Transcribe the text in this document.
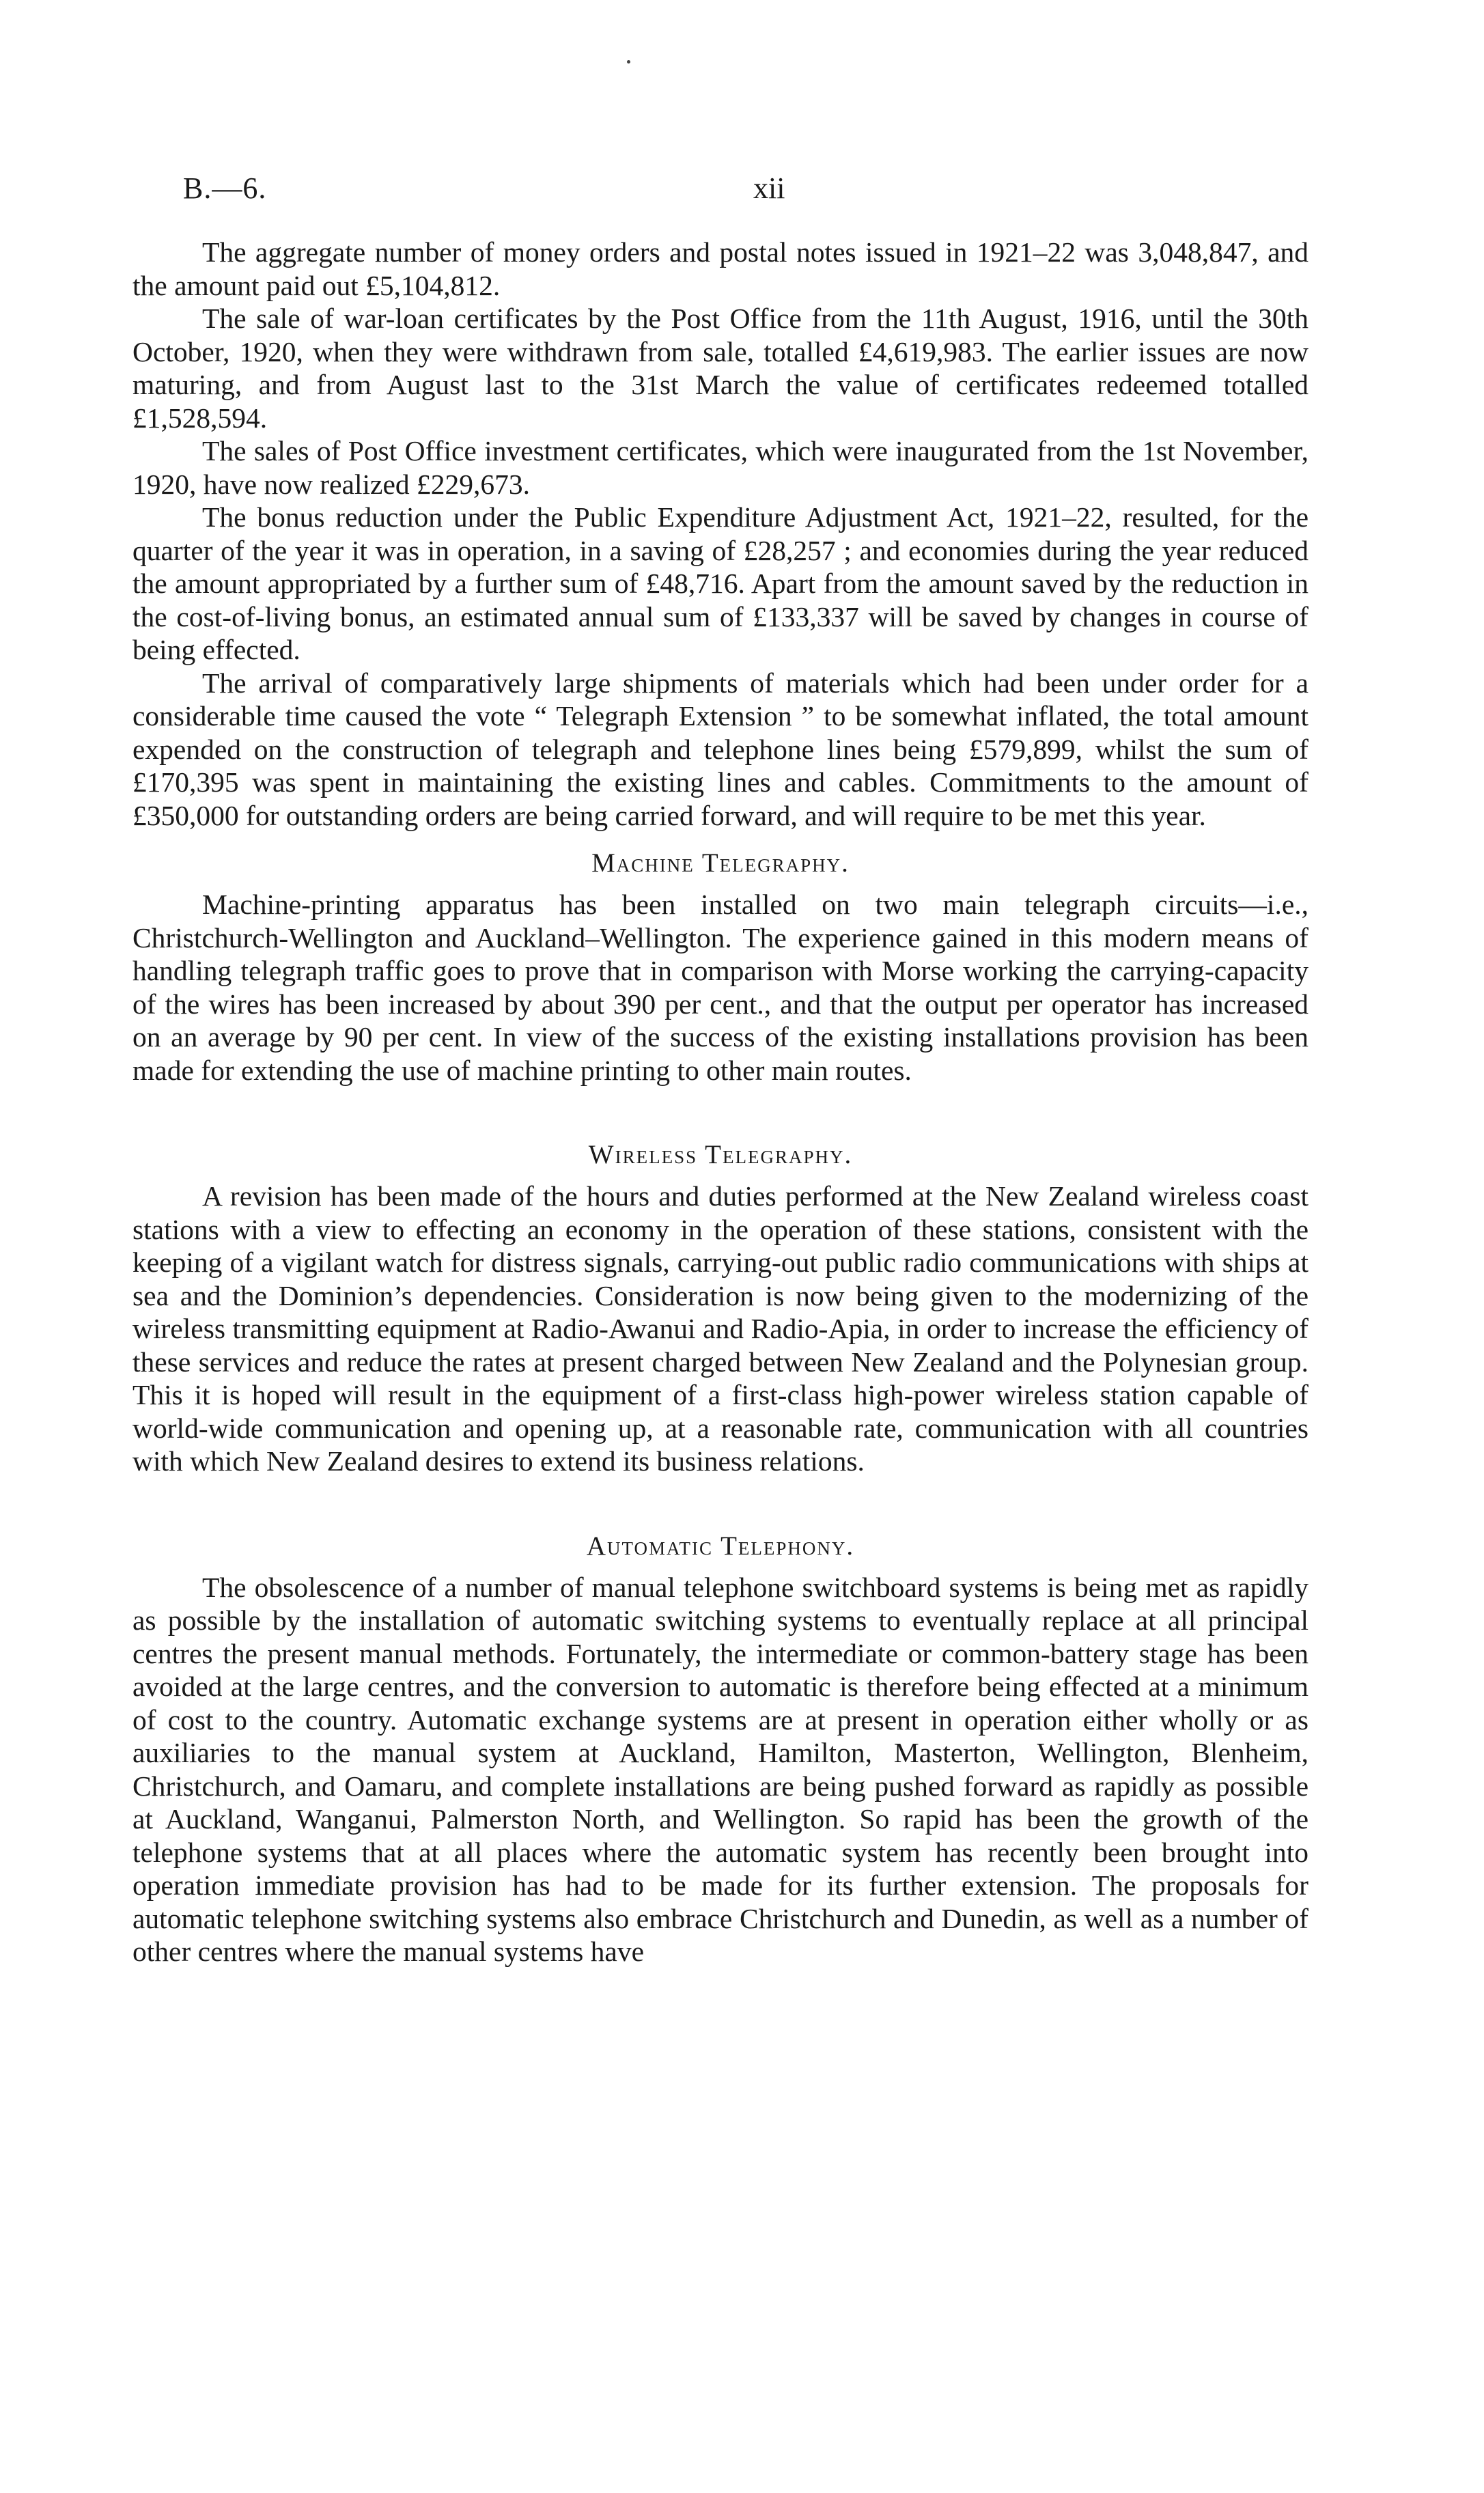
B.—6.	xii

The aggregate number of money orders and postal notes issued in 1921–22 was 3,048,847, and the amount paid out £5,104,812.

The sale of war-loan certificates by the Post Office from the 11th August, 1916, until the 30th October, 1920, when they were withdrawn from sale, totalled £4,619,983. The earlier issues are now maturing, and from August last to the 31st March the value of certificates redeemed totalled £1,528,594.

The sales of Post Office investment certificates, which were inaugurated from the 1st November, 1920, have now realized £229,673.

The bonus reduction under the Public Expenditure Adjustment Act, 1921–22, resulted, for the quarter of the year it was in operation, in a saving of £28,257 ; and economies during the year reduced the amount appropriated by a further sum of £48,716. Apart from the amount saved by the reduction in the cost-of-living bonus, an estimated annual sum of £133,337 will be saved by changes in course of being effected.

The arrival of comparatively large shipments of materials which had been under order for a considerable time caused the vote “ Telegraph Extension ” to be somewhat inflated, the total amount expended on the construction of telegraph and telephone lines being £579,899, whilst the sum of £170,395 was spent in maintaining the existing lines and cables. Commitments to the amount of £350,000 for outstanding orders are being carried forward, and will require to be met this year.

Machine Telegraphy.

Machine-printing apparatus has been installed on two main telegraph circuits—i.e., Christchurch-Wellington and Auckland–Wellington. The experience gained in this modern means of handling telegraph traffic goes to prove that in comparison with Morse working the carrying-capacity of the wires has been increased by about 390 per cent., and that the output per operator has increased on an average by 90 per cent. In view of the success of the existing installations provision has been made for extending the use of machine printing to other main routes.

Wireless Telegraphy.

A revision has been made of the hours and duties performed at the New Zealand wireless coast stations with a view to effecting an economy in the operation of these stations, consistent with the keeping of a vigilant watch for distress signals, carrying-out public radio communications with ships at sea and the Dominion’s dependencies. Consideration is now being given to the modernizing of the wireless transmitting equipment at Radio-Awanui and Radio-Apia, in order to increase the efficiency of these services and reduce the rates at present charged between New Zealand and the Polynesian group. This it is hoped will result in the equipment of a first-class high-power wireless station capable of world-wide communication and opening up, at a reasonable rate, communication with all countries with which New Zealand desires to extend its business relations.

Automatic Telephony.

The obsolescence of a number of manual telephone switchboard systems is being met as rapidly as possible by the installation of automatic switching systems to eventually replace at all principal centres the present manual methods. Fortunately, the intermediate or common-battery stage has been avoided at the large centres, and the conversion to automatic is therefore being effected at a minimum of cost to the country. Automatic exchange systems are at present in operation either wholly or as auxiliaries to the manual system at Auckland, Hamilton, Masterton, Wellington, Blenheim, Christchurch, and Oamaru, and complete installations are being pushed forward as rapidly as possible at Auckland, Wanganui, Palmerston North, and Wellington. So rapid has been the growth of the telephone systems that at all places where the automatic system has recently been brought into operation immediate provision has had to be made for its further extension. The proposals for automatic telephone switching systems also embrace Christchurch and Dunedin, as well as a number of other centres where the manual systems have
